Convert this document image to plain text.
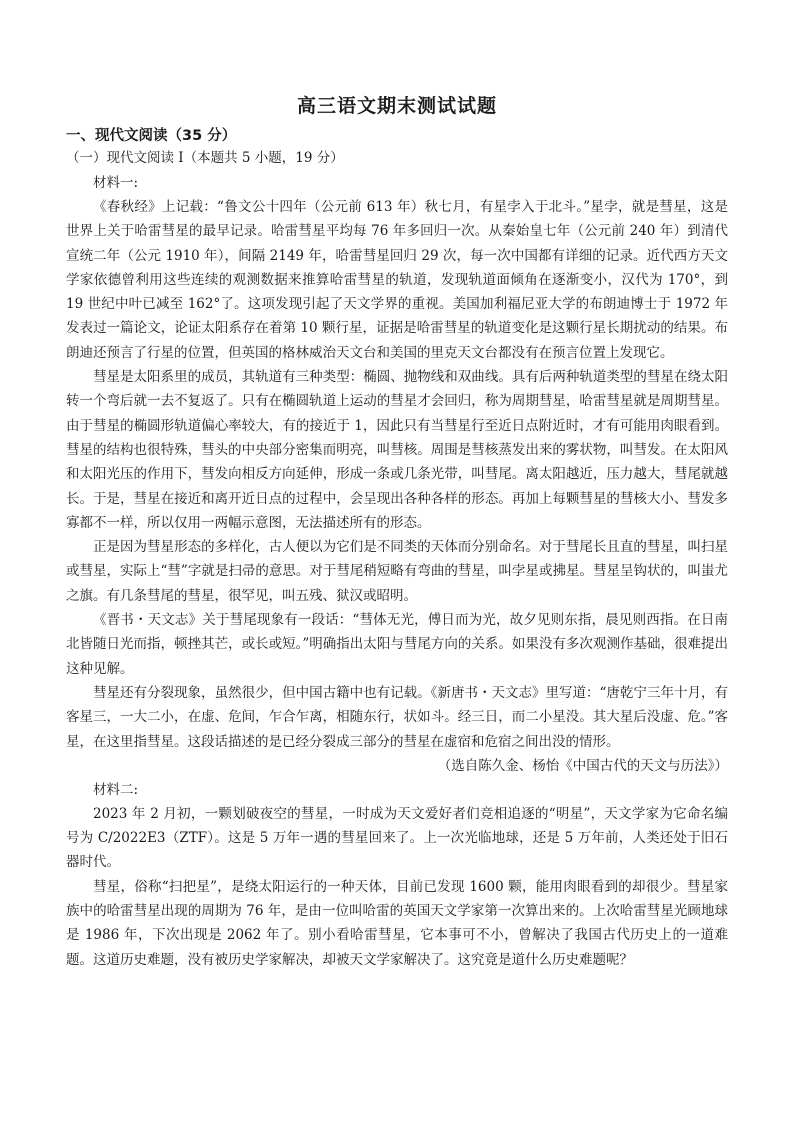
高三语文期末测试试题

一、现代文阅读（35 分）

（一）现代文阅读 I（本题共 5 小题，19 分）

材料一:

《春秋经》上记载：“鲁文公十四年（公元前 613 年）秋七月，有星孛入于北斗。”星孛，就是彗星，这是世界上关于哈雷彗星的最早记录。哈雷彗星平均每 76 年多回归一次。从秦始皇七年（公元前 240 年）到清代宣统二年（公元 1910 年），间隔 2149 年，哈雷彗星回归 29 次，每一次中国都有详细的记录。近代西方天文学家依德曾利用这些连续的观测数据来推算哈雷彗星的轨道，发现轨道面倾角在逐渐变小，汉代为 170°，到 19 世纪中叶已减至 162°了。这项发现引起了天文学界的重视。美国加利福尼亚大学的布朗迪博士于 1972 年发表过一篇论文，论证太阳系存在着第 10 颗行星，证据是哈雷彗星的轨道变化是这颗行星长期扰动的结果。布朗迪还预言了行星的位置，但英国的格林威治天文台和美国的里克天文台都没有在预言位置上发现它。

彗星是太阳系里的成员，其轨道有三种类型：椭圆、抛物线和双曲线。具有后两种轨道类型的彗星在绕太阳转一个弯后就一去不复返了。只有在椭圆轨道上运动的彗星才会回归，称为周期彗星，哈雷彗星就是周期彗星。由于彗星的椭圆形轨道偏心率较大，有的接近于 1，因此只有当彗星行至近日点附近时，才有可能用肉眼看到。彗星的结构也很特殊，彗头的中央部分密集而明亮，叫彗核。周围是彗核蒸发出来的雾状物，叫彗发。在太阳风和太阳光压的作用下，彗发向相反方向延伸，形成一条或几条光带，叫彗尾。离太阳越近，压力越大，彗尾就越长。于是，彗星在接近和离开近日点的过程中，会呈现出各种各样的形态。再加上每颗彗星的彗核大小、彗发多寡都不一样，所以仅用一两幅示意图，无法描述所有的形态。

正是因为彗星形态的多样化，古人便以为它们是不同类的天体而分别命名。对于彗尾长且直的彗星，叫扫星或彗星，实际上“彗”字就是扫帚的意思。对于彗尾稍短略有弯曲的彗星，叫孛星或拂星。彗星呈钩状的，叫蚩尤之旗。有几条彗尾的彗星，很罕见，叫五残、狱汉或昭明。

《晋书・天文志》关于彗尾现象有一段话：“彗体无光，傅日而为光，故夕见则东指，晨见则西指。在日南北皆随日光而指，顿挫其芒，或长或短。”明确指出太阳与彗尾方向的关系。如果没有多次观测作基础，很难提出这种见解。

彗星还有分裂现象，虽然很少，但中国古籍中也有记载。《新唐书・天文志》里写道：“唐乾宁三年十月，有客星三，一大二小，在虚、危间，乍合乍离，相随东行，状如斗。经三日，而二小星没。其大星后没虚、危。”客星，在这里指彗星。这段话描述的是已经分裂成三部分的彗星在虚宿和危宿之间出没的情形。

（选自陈久金、杨怡《中国古代的天文与历法》）

材料二:

2023 年 2 月初，一颗划破夜空的彗星，一时成为天文爱好者们竞相追逐的“明星”，天文学家为它命名编号为 C/2022E3（ZTF）。这是 5 万年一遇的彗星回来了。上一次光临地球，还是 5 万年前，人类还处于旧石器时代。

彗星，俗称“扫把星”，是绕太阳运行的一种天体，目前已发现 1600 颗，能用肉眼看到的却很少。彗星家族中的哈雷彗星出现的周期为 76 年，是由一位叫哈雷的英国天文学家第一次算出来的。上次哈雷彗星光顾地球是 1986 年，下次出现是 2062 年了。别小看哈雷彗星，它本事可不小，曾解决了我国古代历史上的一道难题。这道历史难题，没有被历史学家解决，却被天文学家解决了。这究竟是道什么历史难题呢？
